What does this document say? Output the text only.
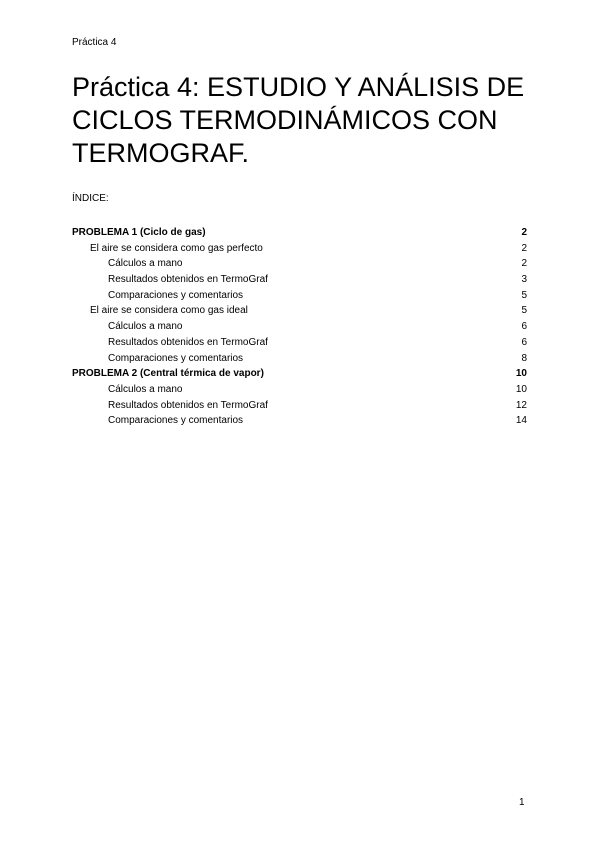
Práctica 4
Práctica 4: ESTUDIO Y ANÁLISIS DE
CICLOS TERMODINÁMICOS CON
TERMOGRAF.
ÍNDICE:
PROBLEMA 1 (Ciclo de gas)	2
El aire se considera como gas perfecto	2
Cálculos a mano	2
Resultados obtenidos en TermoGraf	3
Comparaciones y comentarios	5
El aire se considera como gas ideal	5
Cálculos a mano	6
Resultados obtenidos en TermoGraf	6
Comparaciones y comentarios	8
PROBLEMA 2 (Central térmica de vapor)	10
Cálculos a mano	10
Resultados obtenidos en TermoGraf	12
Comparaciones y comentarios	14
1
